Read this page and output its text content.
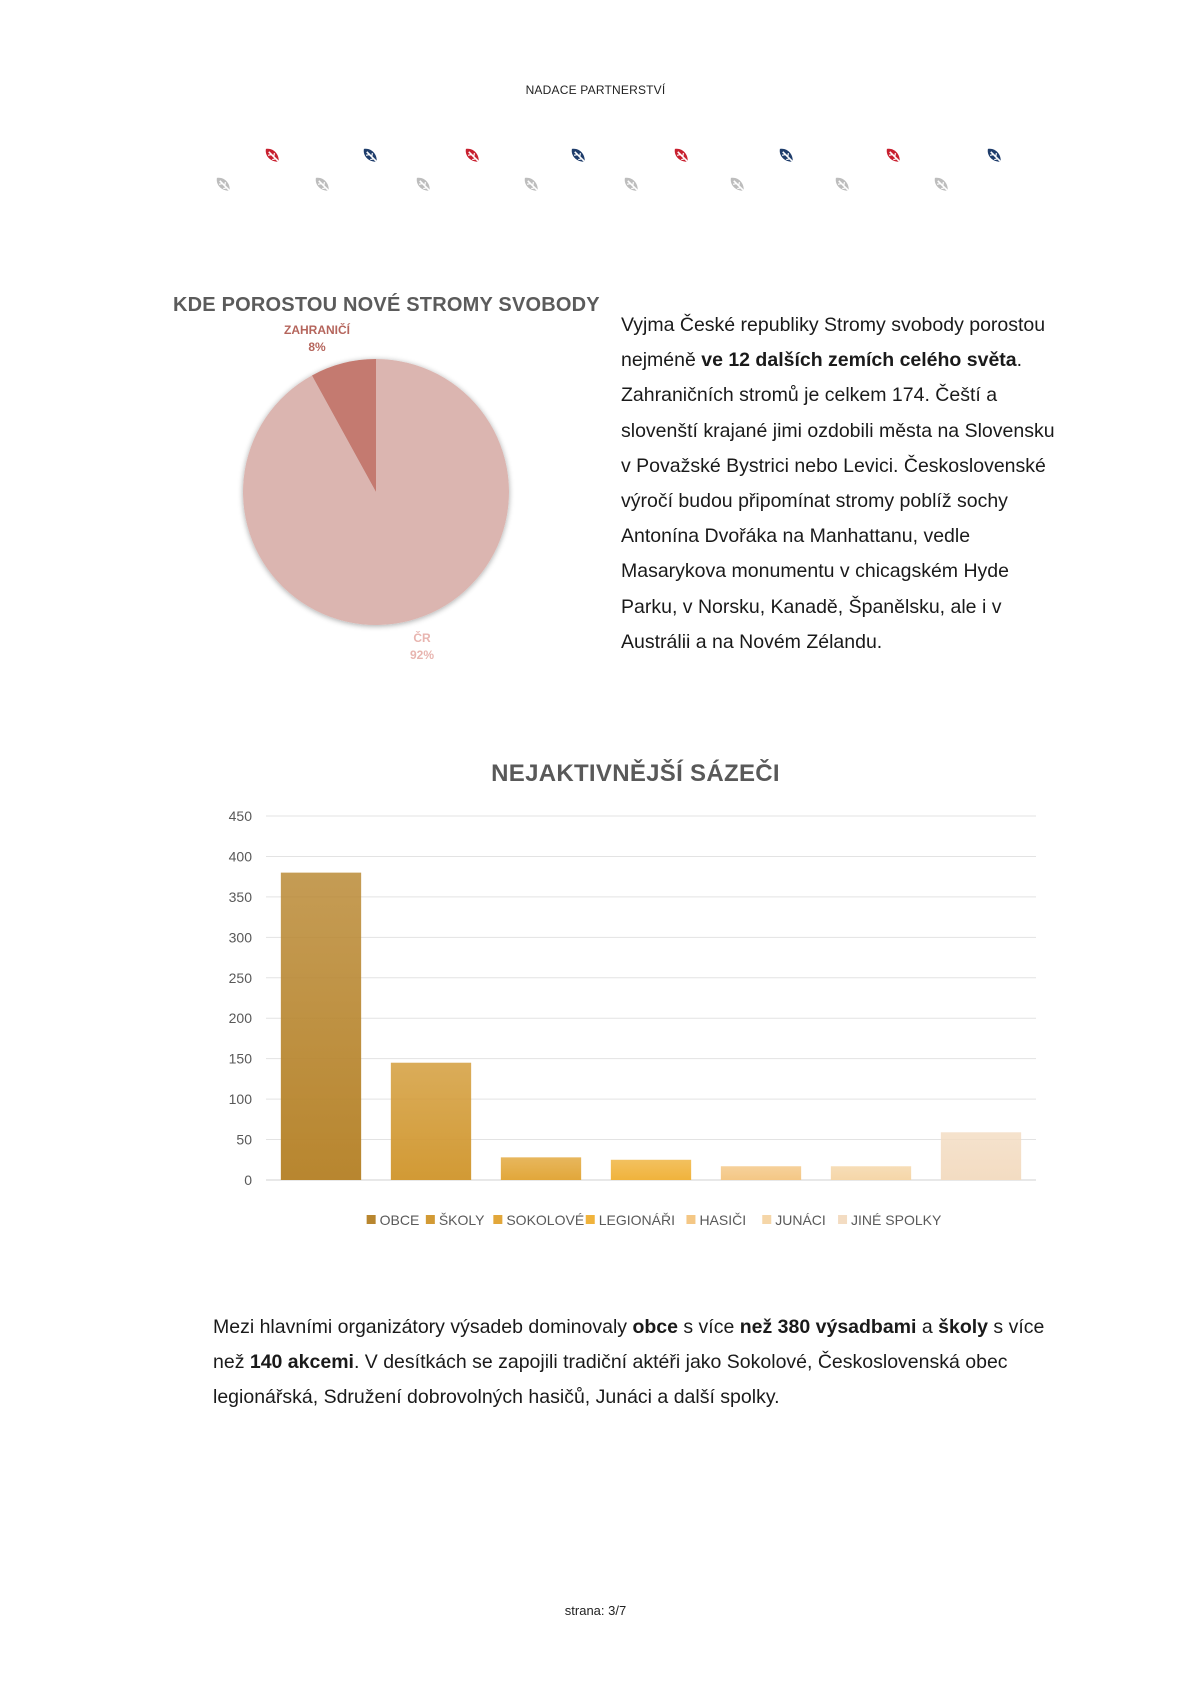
NADACE PARTNERSTVÍ
KDE POROSTOU NOVÉ STROMY SVOBODY
ZAHRANIČÍ
8%
ČR
92%
Vyjma České republiky Stromy svobody porostou nejméně ve 12 dalších zemích celého světa. Zahraničních stromů je celkem 174. Čeští a slovenští krajané jimi ozdobili města na Slovensku v Považské Bystrici nebo Levici. Československé výročí budou připomínat stromy poblíž sochy Antonína Dvořáka na Manhattanu, vedle Masarykova monumentu v chicagském Hyde Parku, v Norsku, Kanadě, Španělsku, ale i v Austrálii a na Novém Zélandu.
NEJAKTIVNĚJŠÍ SÁZEČI
0
50
100
150
200
250
300
350
400
450
OBCE ŠKOLY SOKOLOVÉ LEGIONÁŘI HASIČI JUNÁCI JINÉ SPOLKY
Mezi hlavními organizátory výsadeb dominovaly obce s více než 380 výsadbami a školy s více než 140 akcemi. V desítkách se zapojili tradiční aktéři jako Sokolové, Československá obec legionářská, Sdružení dobrovolných hasičů, Junáci a další spolky.
strana: 3/7
